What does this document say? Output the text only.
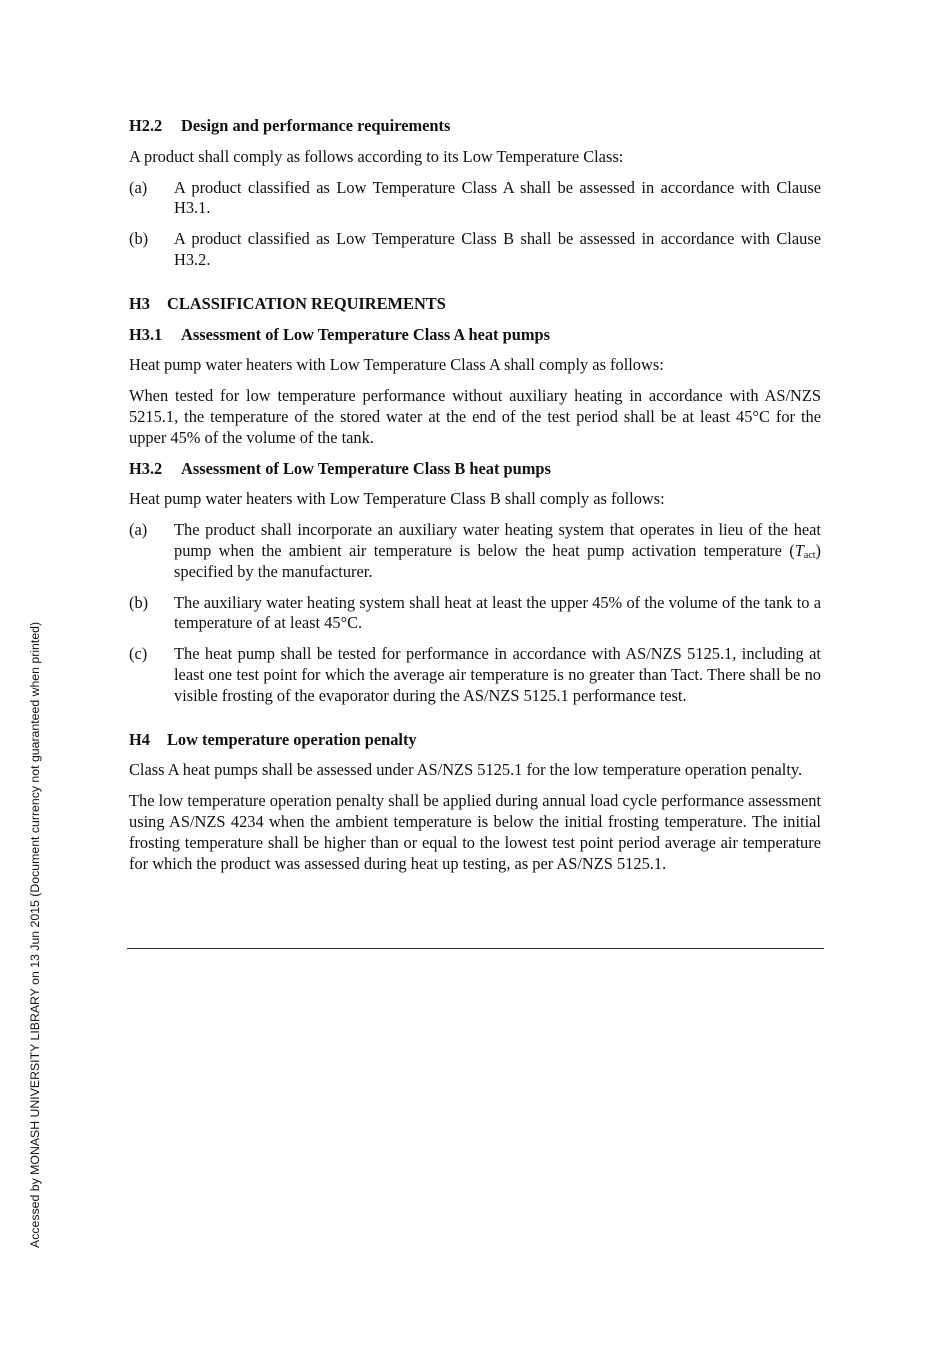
H2.2 Design and performance requirements
A product shall comply as follows according to its Low Temperature Class:
(a)	A product classified as Low Temperature Class A shall be assessed in accordance with Clause H3.1.
(b)	A product classified as Low Temperature Class B shall be assessed in accordance with Clause H3.2.
H3 CLASSIFICATION REQUIREMENTS
H3.1 Assessment of Low Temperature Class A heat pumps
Heat pump water heaters with Low Temperature Class A shall comply as follows:
When tested for low temperature performance without auxiliary heating in accordance with AS/NZS 5215.1, the temperature of the stored water at the end of the test period shall be at least 45°C for the upper 45% of the volume of the tank.
H3.2 Assessment of Low Temperature Class B heat pumps
Heat pump water heaters with Low Temperature Class B shall comply as follows:
(a)	The product shall incorporate an auxiliary water heating system that operates in lieu of the heat pump when the ambient air temperature is below the heat pump activation temperature $(T_{act})$ specified by the manufacturer.
(b)	The auxiliary water heating system shall heat at least the upper 45% of the volume of the tank to a temperature of at least 45°C.
(c)	The heat pump shall be tested for performance in accordance with AS/NZS 5125.1, including at least one test point for which the average air temperature is no greater than Tact. There shall be no visible frosting of the evaporator during the AS/NZS 5125.1 performance test.
H4 Low temperature operation penalty
Class A heat pumps shall be assessed under AS/NZS 5125.1 for the low temperature operation penalty.
The low temperature operation penalty shall be applied during annual load cycle performance assessment using AS/NZS 4234 when the ambient temperature is below the initial frosting temperature. The initial frosting temperature shall be higher than or equal to the lowest test point period average air temperature for which the product was assessed during heat up testing, as per AS/NZS 5125.1.
Accessed by MONASH UNIVERSITY LIBRARY on 13 Jun 2015 (Document currency not guaranteed when printed)
